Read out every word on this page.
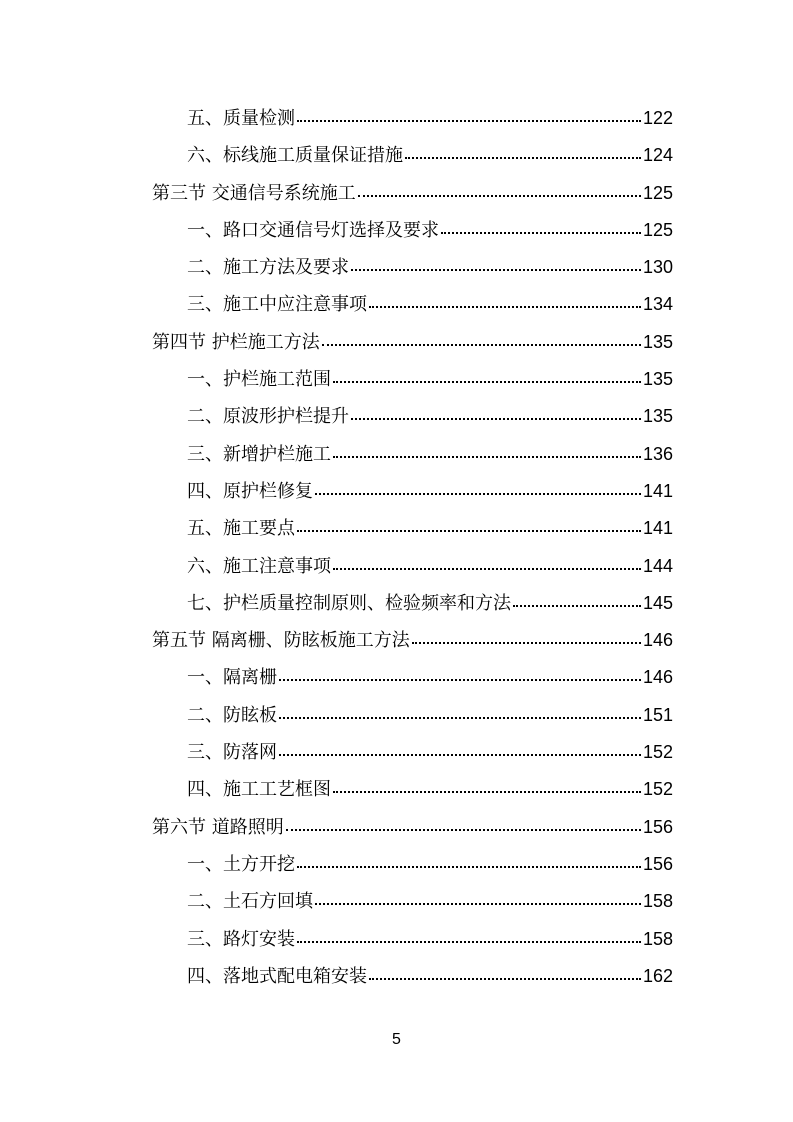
五、质量检测	122
六、标线施工质量保证措施	124
第三节 交通信号系统施工	125
一、路口交通信号灯选择及要求	125
二、施工方法及要求	130
三、施工中应注意事项	134
第四节 护栏施工方法	135
一、护栏施工范围	135
二、原波形护栏提升	135
三、新增护栏施工	136
四、原护栏修复	141
五、施工要点	141
六、施工注意事项	144
七、护栏质量控制原则、检验频率和方法	145
第五节 隔离栅、防眩板施工方法	146
一、隔离栅	146
二、防眩板	151
三、防落网	152
四、施工工艺框图	152
第六节 道路照明	156
一、土方开挖	156
二、土石方回填	158
三、路灯安装	158
四、落地式配电箱安装	162
5
